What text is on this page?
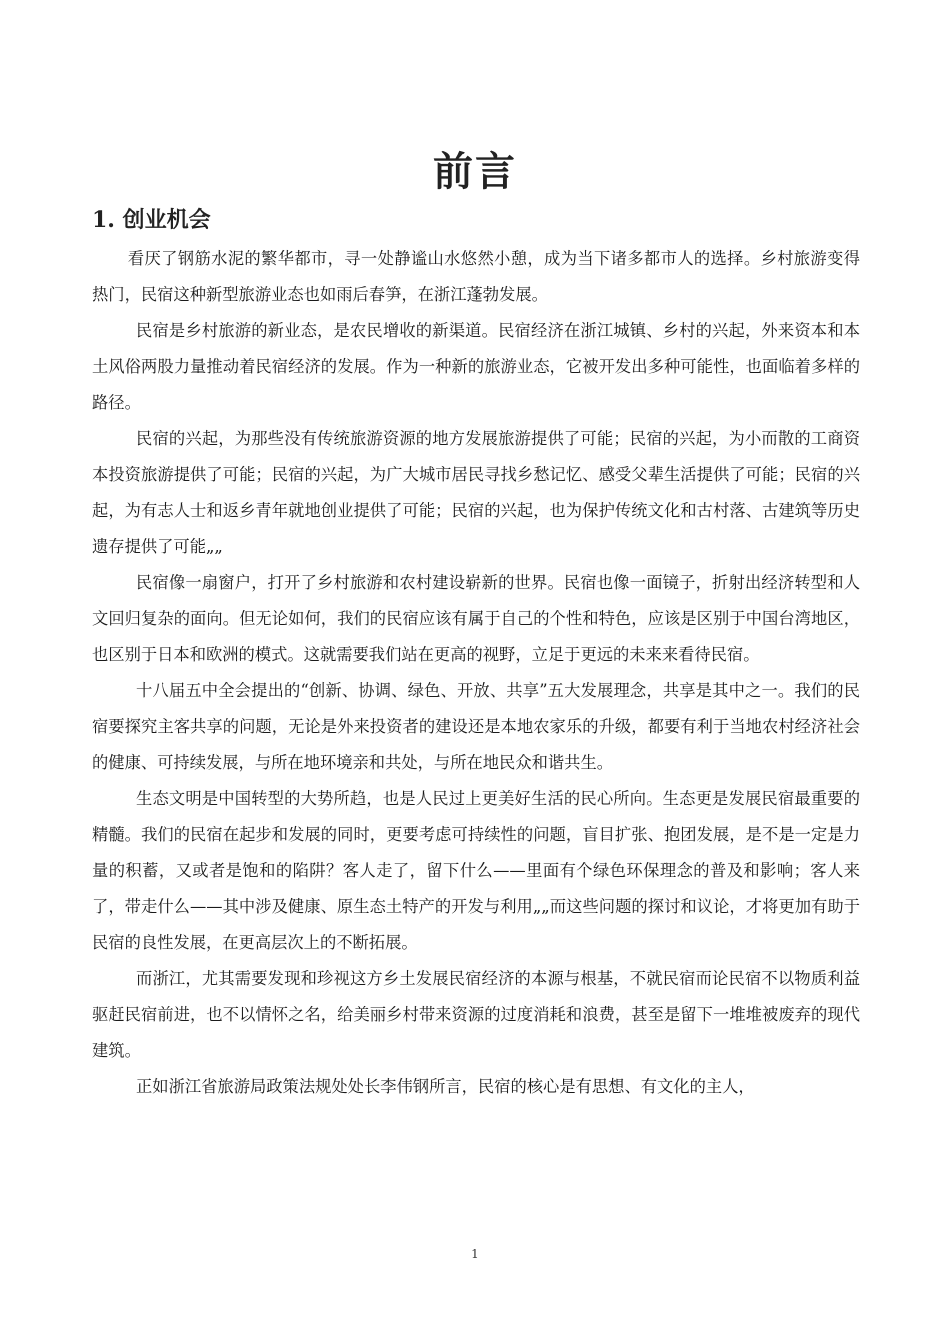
前言
1. 创业机会

看厌了钢筋水泥的繁华都市，寻一处静谧山水悠然小憩，成为当下诸多都市人的选择。乡村旅游变得热门，民宿这种新型旅游业态也如雨后春笋，在浙江蓬勃发展。

民宿是乡村旅游的新业态，是农民增收的新渠道。民宿经济在浙江城镇、乡村的兴起，外来资本和本土风俗两股力量推动着民宿经济的发展。作为一种新的旅游业态，它被开发出多种可能性，也面临着多样的路径。

民宿的兴起，为那些没有传统旅游资源的地方发展旅游提供了可能；民宿的兴起，为小而散的工商资本投资旅游提供了可能；民宿的兴起，为广大城市居民寻找乡愁记忆、感受父辈生活提供了可能；民宿的兴起，为有志人士和返乡青年就地创业提供了可能；民宿的兴起，也为保护传统文化和古村落、古建筑等历史遗存提供了可能„„

民宿像一扇窗户，打开了乡村旅游和农村建设崭新的世界。民宿也像一面镜子，折射出经济转型和人文回归复杂的面向。但无论如何，我们的民宿应该有属于自己的个性和特色，应该是区别于中国台湾地区，也区别于日本和欧洲的模式。这就需要我们站在更高的视野，立足于更远的未来来看待民宿。

十八届五中全会提出的“创新、协调、绿色、开放、共享”五大发展理念，共享是其中之一。我们的民宿要探究主客共享的问题，无论是外来投资者的建设还是本地农家乐的升级，都要有利于当地农村经济社会的健康、可持续发展，与所在地环境亲和共处，与所在地民众和谐共生。

生态文明是中国转型的大势所趋，也是人民过上更美好生活的民心所向。生态更是发展民宿最重要的精髓。我们的民宿在起步和发展的同时，更要考虑可持续性的问题，盲目扩张、抱团发展，是不是一定是力量的积蓄，又或者是饱和的陷阱？客人走了，留下什么——里面有个绿色环保理念的普及和影响；客人来了，带走什么——其中涉及健康、原生态土特产的开发与利用„„而这些问题的探讨和议论，才将更加有助于民宿的良性发展，在更高层次上的不断拓展。

而浙江，尤其需要发现和珍视这方乡土发展民宿经济的本源与根基，不就民宿而论民宿不以物质利益驱赶民宿前进，也不以情怀之名，给美丽乡村带来资源的过度消耗和浪费，甚至是留下一堆堆被废弃的现代建筑。

正如浙江省旅游局政策法规处处长李伟钢所言，民宿的核心是有思想、有文化的主人，

1
